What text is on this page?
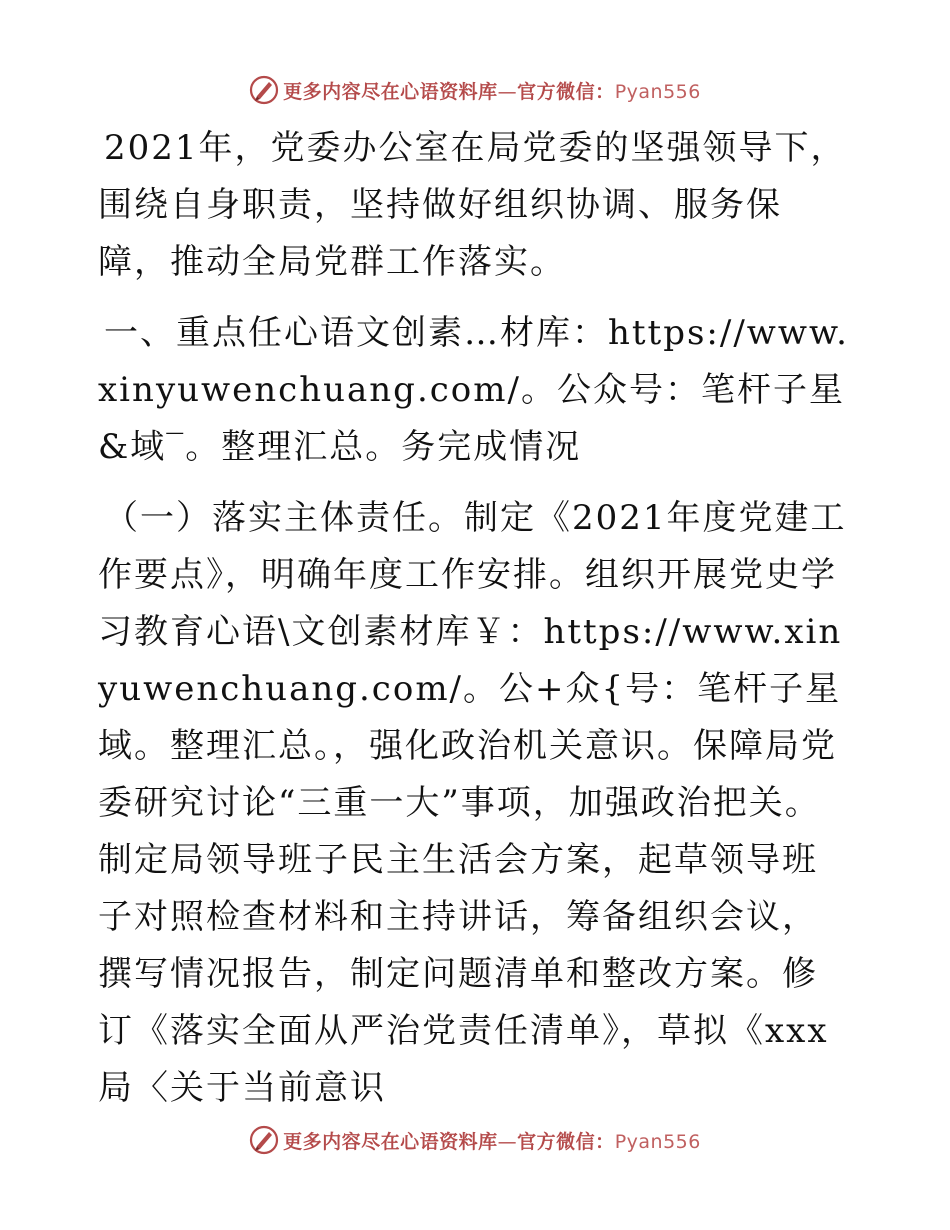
更多内容尽在心语资料库—官方微信：Pyan556

2021年，党委办公室在局党委的坚强领导下，围绕自身职责，坚持做好组织协调、服务保障，推动全局党群工作落实。

一、重点任心语文创素…材库：https://www.xinyuwenchuang.com/。公众号：笔杆子星&域‾。整理汇总。务完成情况

（一）落实主体责任。制定《2021年度党建工作要点》，明确年度工作安排。组织开展党史学习教育心语\文创素材库￥：https://www.xinyuwenchuang.com/。公+众{号：笔杆子星域。整理汇总。，强化政治机关意识。保障局党委研究讨论“三重一大”事项，加强政治把关。制定局领导班子民主生活会方案，起草领导班子对照检查材料和主持讲话，筹备组织会议，撰写情况报告，制定问题清单和整改方案。修订《落实全面从严治党责任清单》，草拟《xxx局〈关于当前意识

更多内容尽在心语资料库—官方微信：Pyan556
